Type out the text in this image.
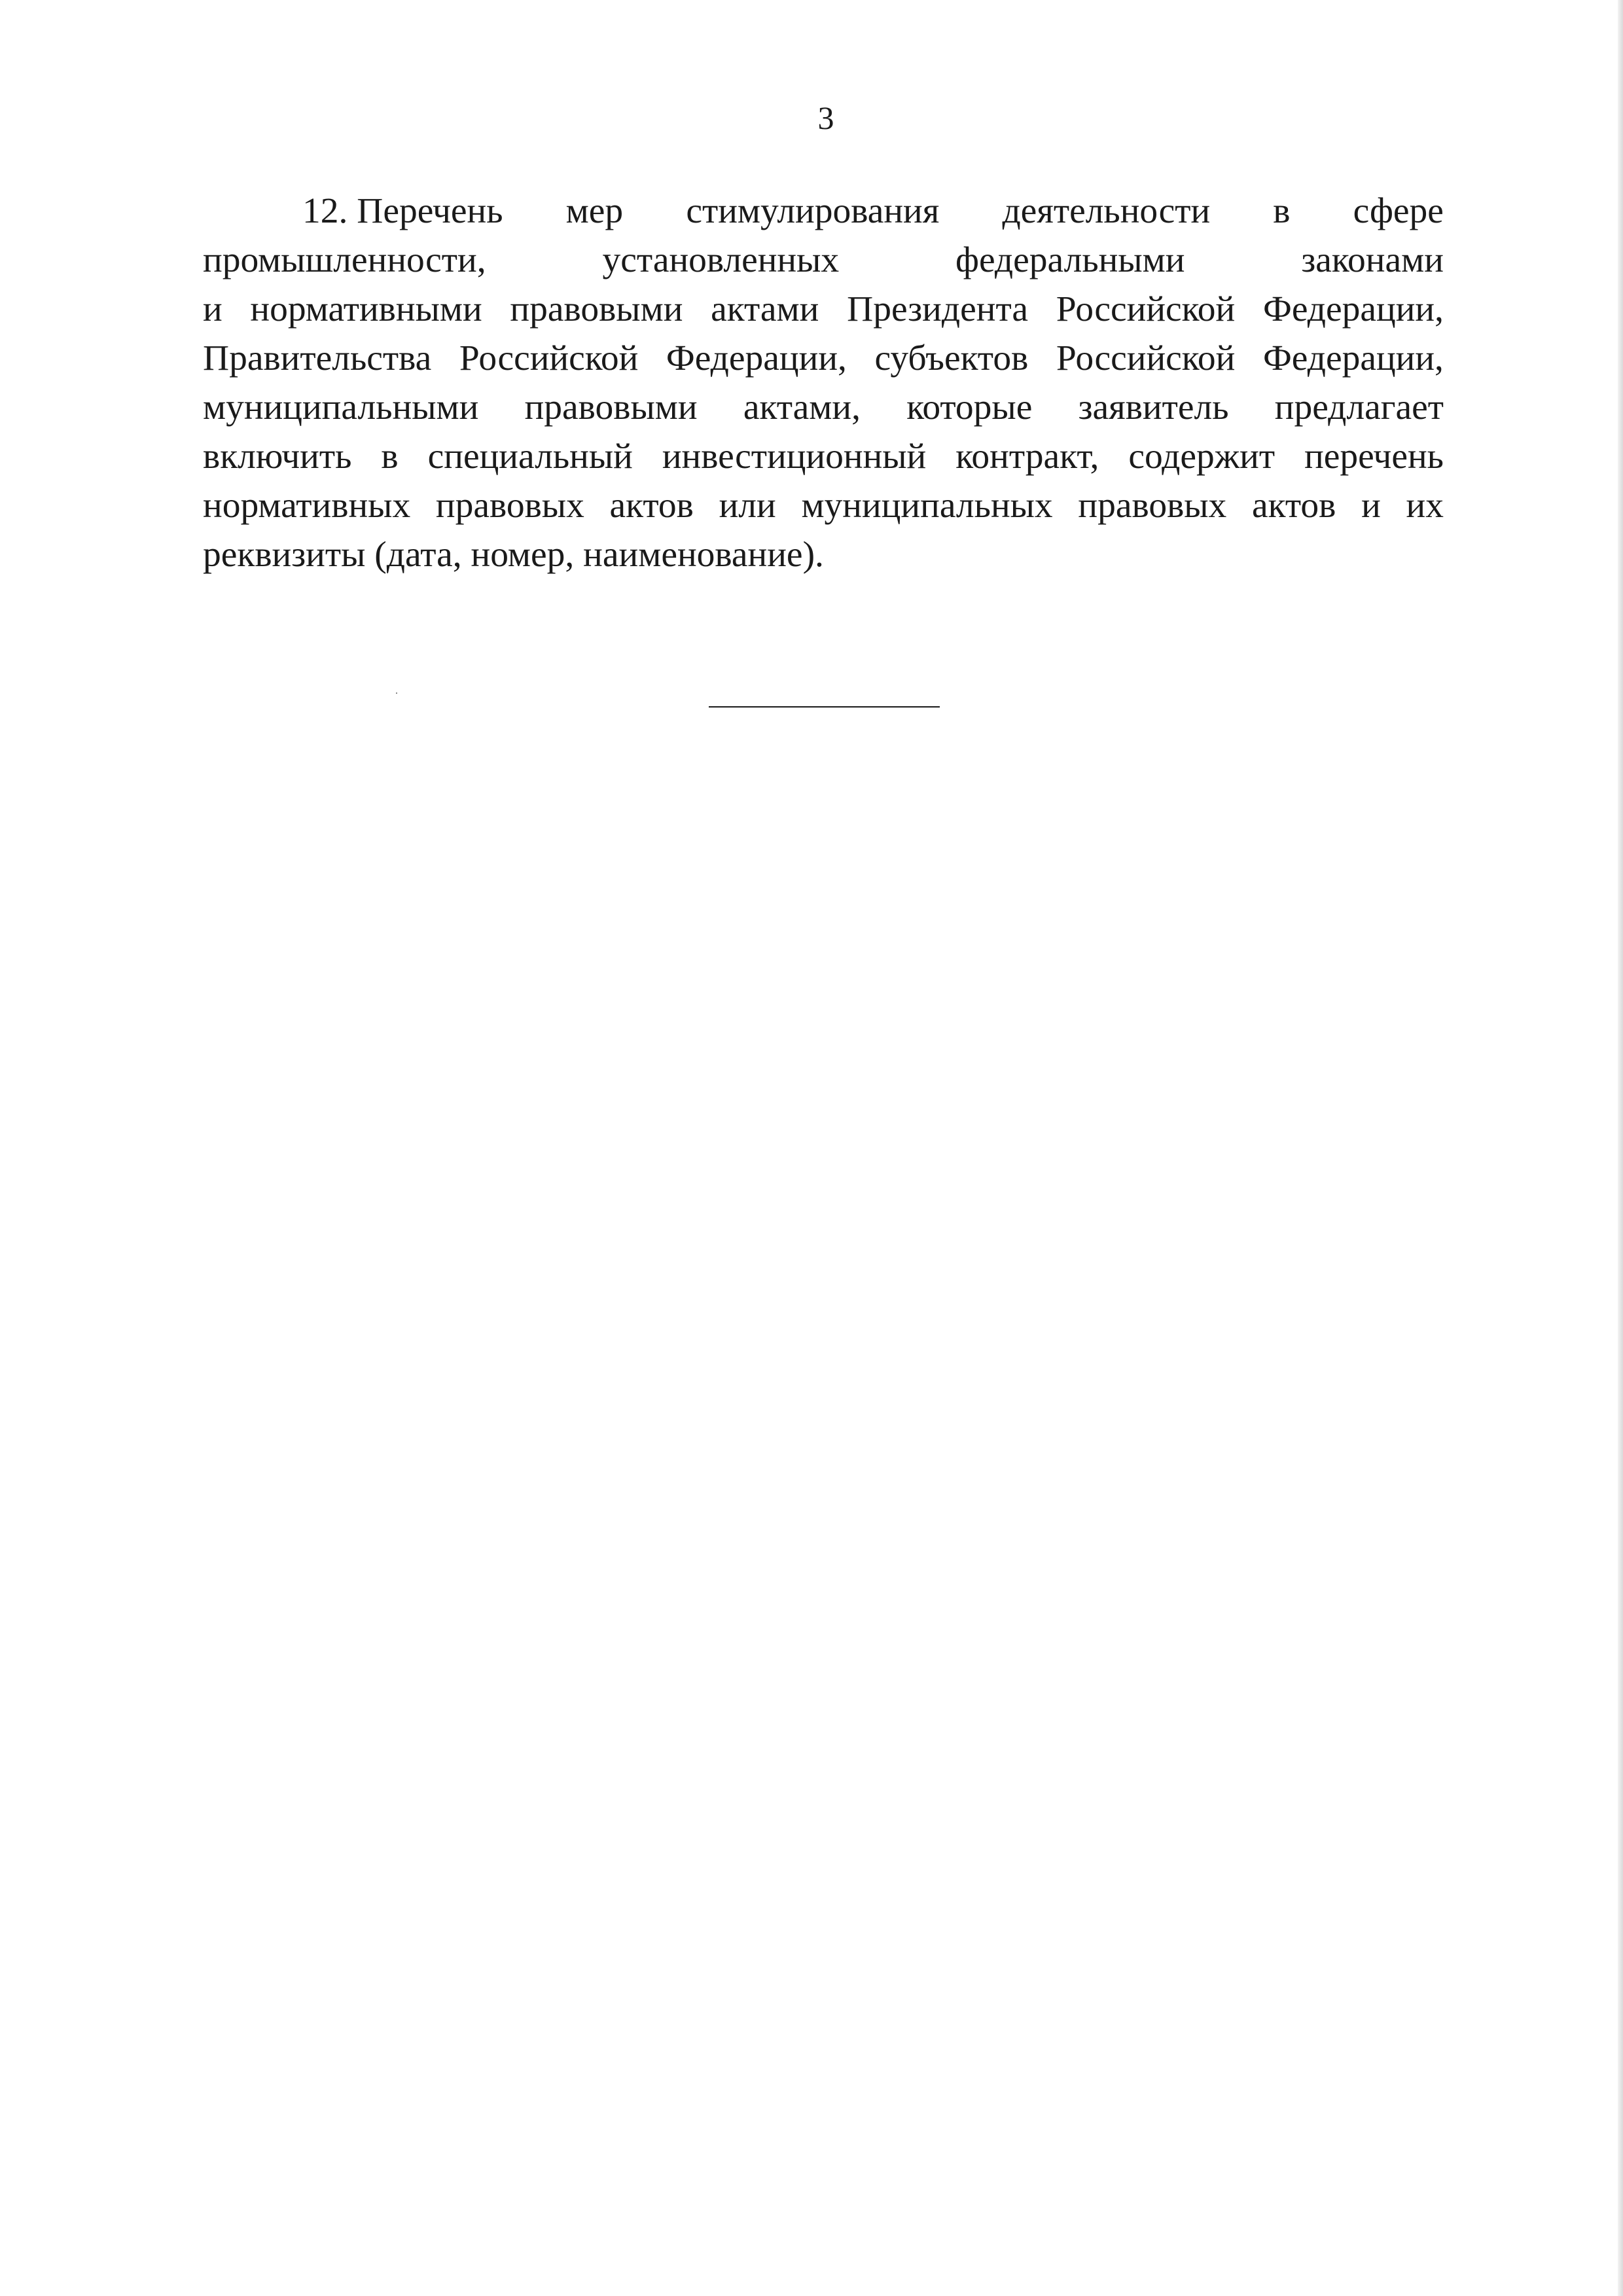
3
12. Перечень мер стимулирования деятельности в сфере
промышленности,	установленных	федеральными	законами
и нормативными правовыми актами Президента Российской Федерации,
Правительства Российской Федерации, субъектов Российской Федерации,
муниципальными правовыми актами, которые заявитель предлагает
включить в специальный инвестиционный контракт, содержит перечень
нормативных правовых актов или муниципальных правовых актов и их
реквизиты (дата, номер, наименование).
